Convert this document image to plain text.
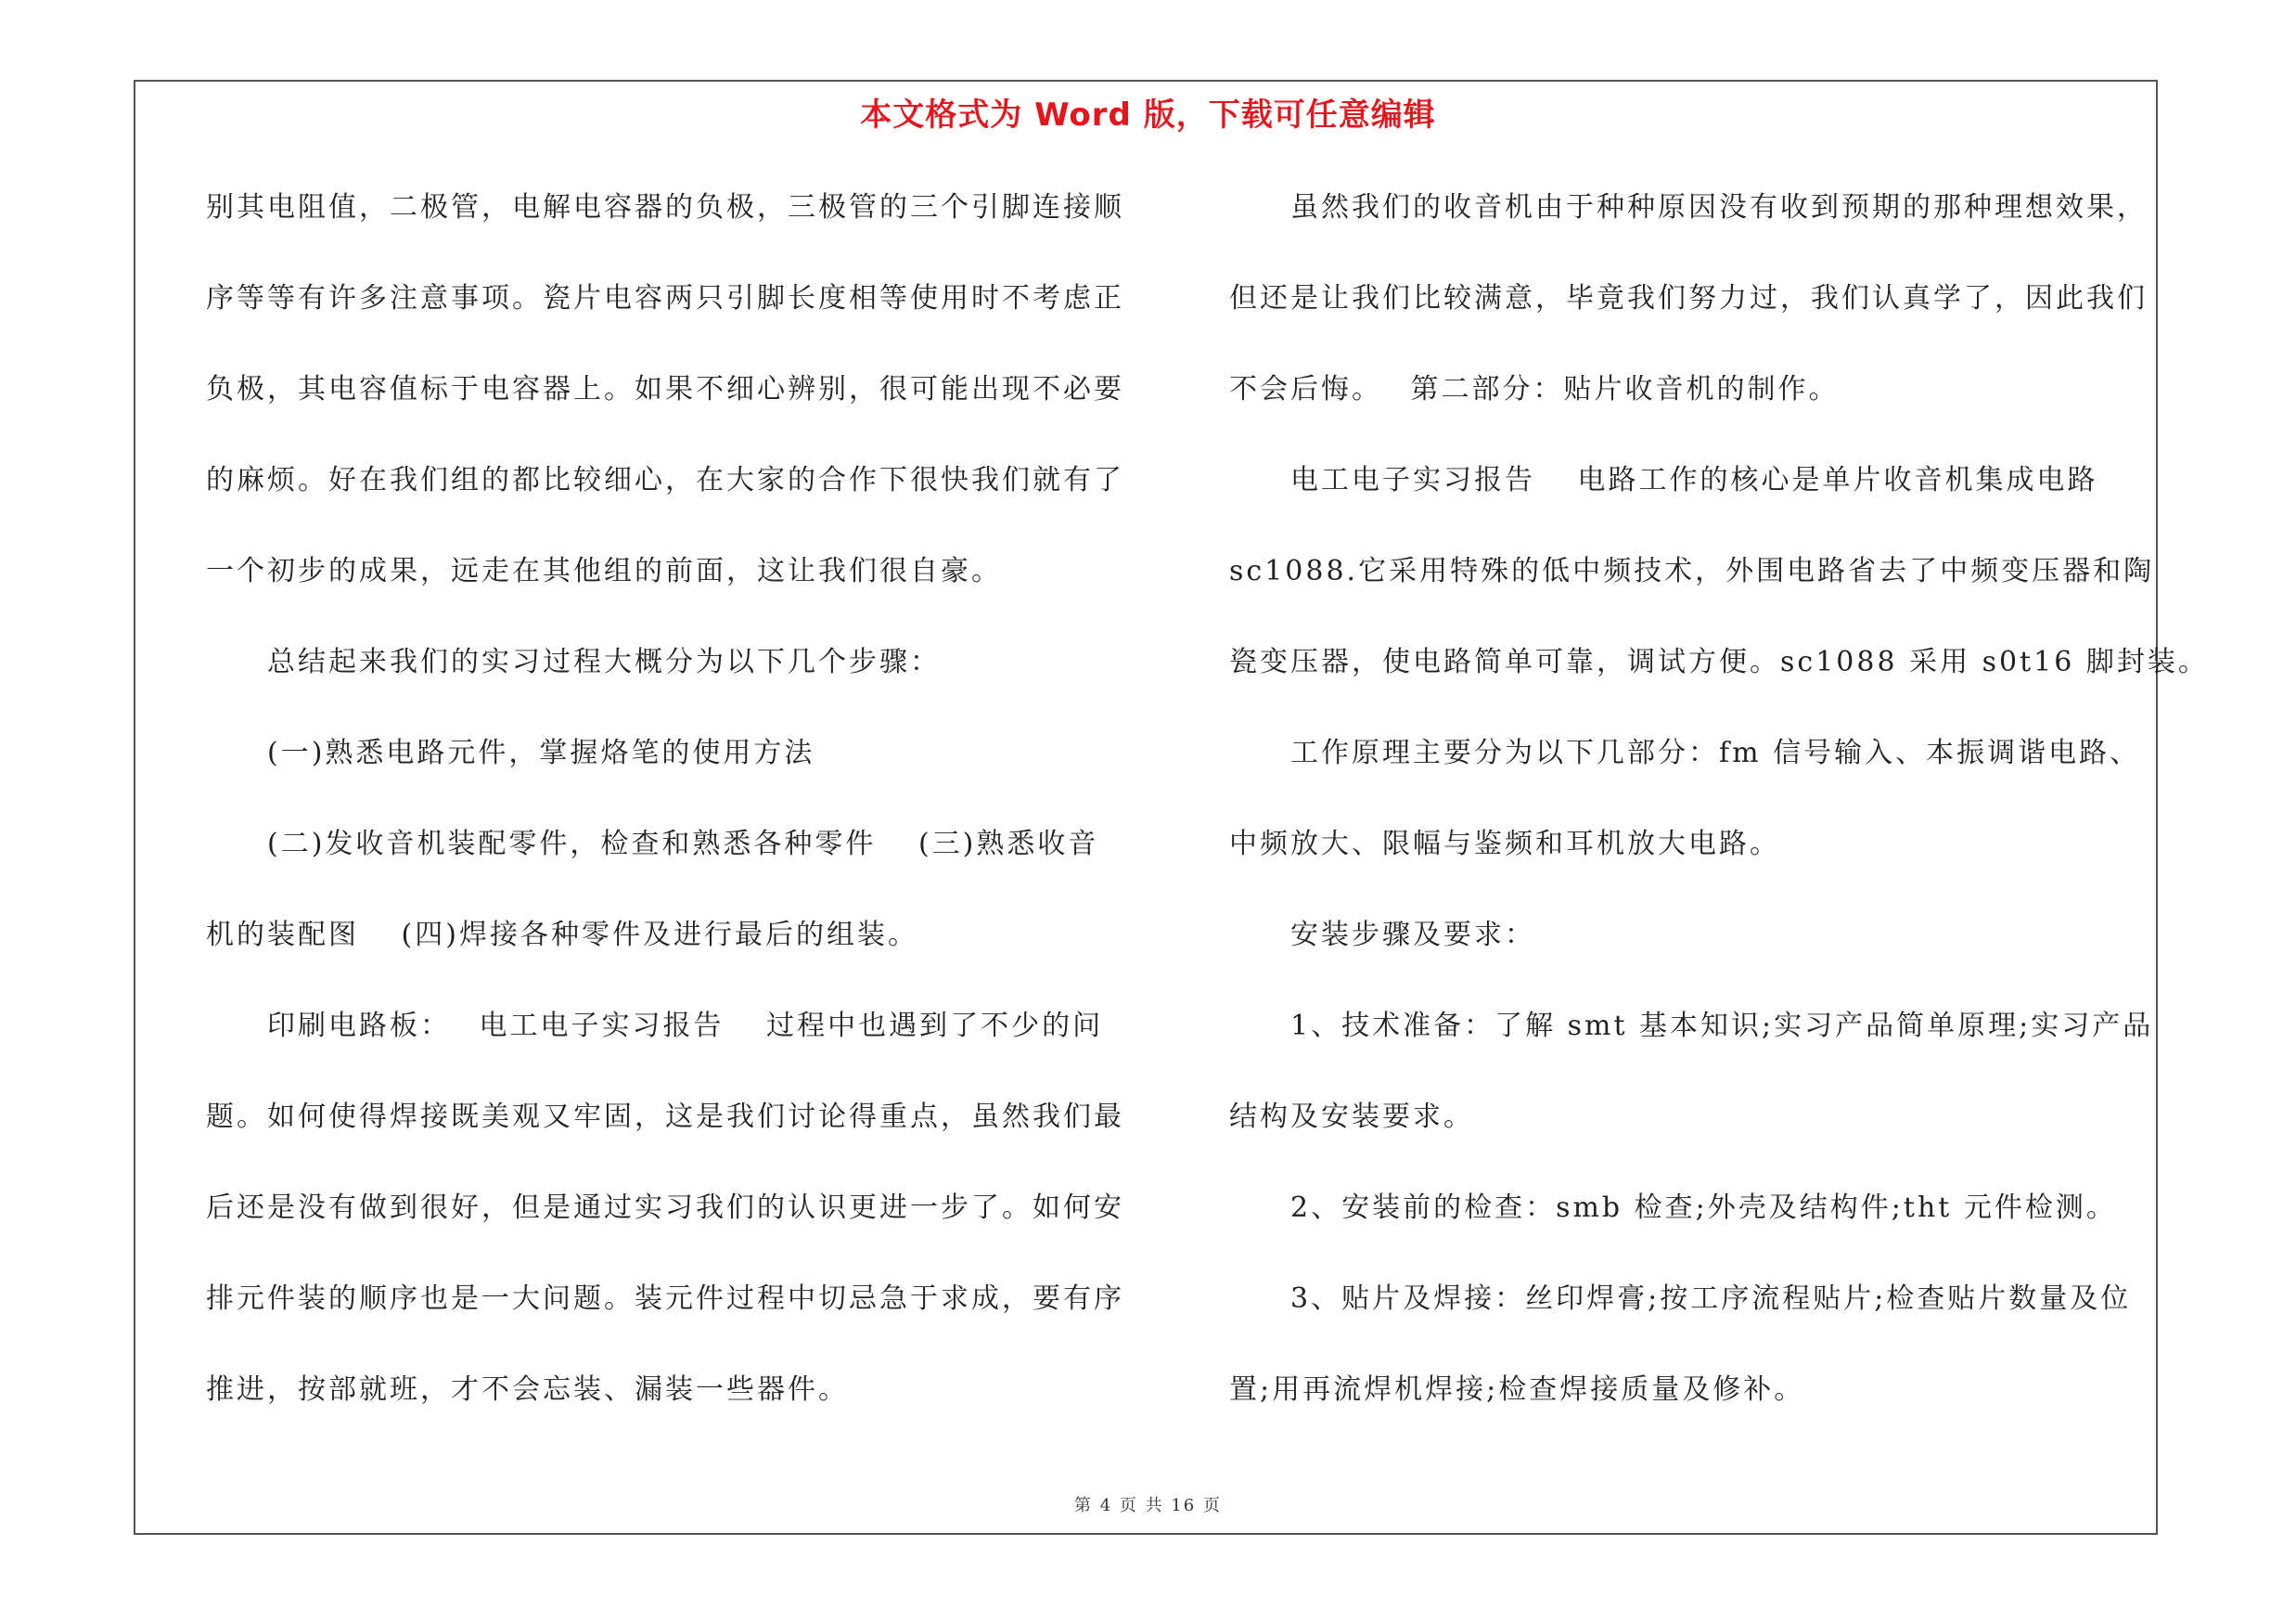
本文格式为 Word 版，下载可任意编辑

别其电阻值，二极管，电解电容器的负极，三极管的三个引脚连接顺

序等等有许多注意事项。瓷片电容两只引脚长度相等使用时不考虑正

负极，其电容值标于电容器上。如果不细心辨别，很可能出现不必要

的麻烦。好在我们组的都比较细心，在大家的合作下很快我们就有了

一个初步的成果，远走在其他组的前面，这让我们很自豪。

总结起来我们的实习过程大概分为以下几个步骤：

(一)熟悉电路元件，掌握烙笔的使用方法

(二)发收音机装配零件，检查和熟悉各种零件　 (三)熟悉收音

机的装配图　 (四)焊接各种零件及进行最后的组装。

印刷电路板：　 电工电子实习报告　 过程中也遇到了不少的问

题。如何使得焊接既美观又牢固，这是我们讨论得重点，虽然我们最

后还是没有做到很好，但是通过实习我们的认识更进一步了。如何安

排元件装的顺序也是一大问题。装元件过程中切忌急于求成，要有序

推进，按部就班，才不会忘装、漏装一些器件。

虽然我们的收音机由于种种原因没有收到预期的那种理想效果，

但还是让我们比较满意，毕竟我们努力过，我们认真学了，因此我们

不会后悔。　 第二部分：贴片收音机的制作。

电工电子实习报告　 电路工作的核心是单片收音机集成电路

sc1088.它采用特殊的低中频技术，外围电路省去了中频变压器和陶

瓷变压器，使电路简单可靠，调试方便。sc1088 采用 s0t16 脚封装。

工作原理主要分为以下几部分：fm 信号输入、本振调谐电路、

中频放大、限幅与鉴频和耳机放大电路。

安装步骤及要求：

1、技术准备：了解 smt 基本知识;实习产品简单原理;实习产品

结构及安装要求。

2、安装前的检查：smb 检查;外壳及结构件;tht 元件检测。

3、贴片及焊接：丝印焊膏;按工序流程贴片;检查贴片数量及位

置;用再流焊机焊接;检查焊接质量及修补。

第 4 页 共 16 页
